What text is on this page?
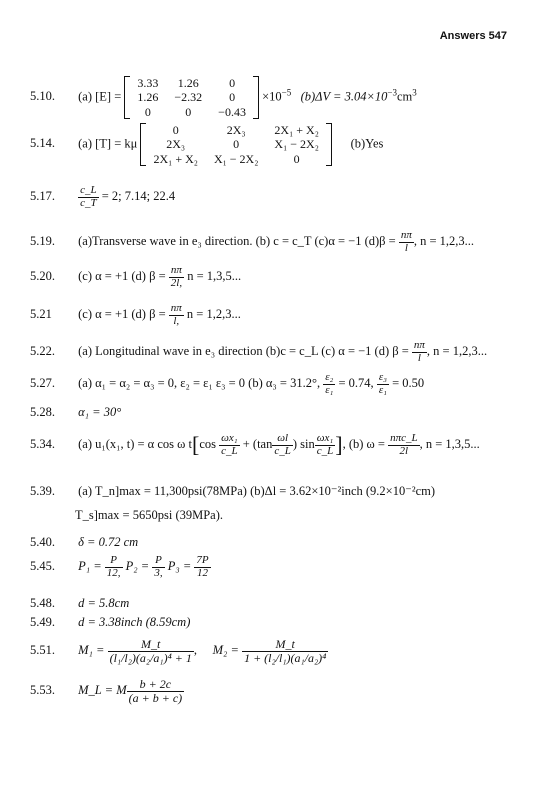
Answers 547
5.10. (a) [E] =
3.33	1.26	0
1.26	−2.32	0
0	0	−0.43
$\times 10^{-5}$ $(b)\Delta V = 3.04\times 10^{-3}cm^3$
5.14. (a) [T] = kμ
0	2X₃	2X₁ + X₂
2X₃	0	X₁ − 2X₂
2X₁ + X₂	X₁ − 2X₂	0
(b)Yes
5.17. $\frac{c\_L}{c\_T} = 2$; 7.14; 22.4
5.19. (a)Transverse wave in e₃ direction. (b) c = c_T (c)α = −1 $(d)\beta = \frac{n\pi}{l}$ , n = 1,2,3...
5.20. (c) α = +1 (d) $\beta = \frac{n\pi}{2l,}$ n = 1,3,5...
5.21 (c) α = +1 (d) $\beta = \frac{n\pi}{l,}$ n = 1,2,3...
5.22. (a) Longitudinal wave in e₃ direction (b)c = c_L (c) α = −1 (d) $\beta = \frac{n\pi}{l}$ , n = 1,2,3...
5.27. (a) α₁ = α₂ = α₃ = 0, ε₂ = ε₁ ε₃ = 0 (b) α₃ = 31.2°, $\frac{\text{ε₂}}{\text{ε₁}} = 0.74$, $\frac{\text{ε₃}}{\text{ε₁}} = 0.50$
5.28. α₁ = 30°
5.34. (a) u₁(x₁, t) = α cos ω $t[\cos \frac{\text{ωx₁}}{c\_L} + (\tan \frac{\omega l}{c\_L}$ ) $\sin \frac{\text{ωx₁}}{c\_L}$ ], (b) $\omega = \frac{\text{nπc\_L}}{2l}$ , n = 1,3,5...
5.39. (a) T_n]max = 11,300psi(78MPa) (b)Δl = 3.62×10⁻²inch (9.2×10⁻²cm)
T_s]max = 5650psi (39MPa).
5.40. δ = 0.72 cm
5.45. $P_1 = \frac{P}{12,} P_2 = \frac{P}{3,} P_3 = \frac{7P}{12}$
5.48. d = 5.8cm
5.49. d = 3.38inch (8.59cm)
5.51. $M_1 = \frac{M\_t}{\text{(l₁/l₂)(a₂/a₁)⁴ + 1}}$ , $M_2 = \frac{M\_t}{\text{1 + (l₂/l₁)(a₁/a₂)⁴}}$
5.53. M_L = M $\frac{b + 2c}{(a + b + c)}$
